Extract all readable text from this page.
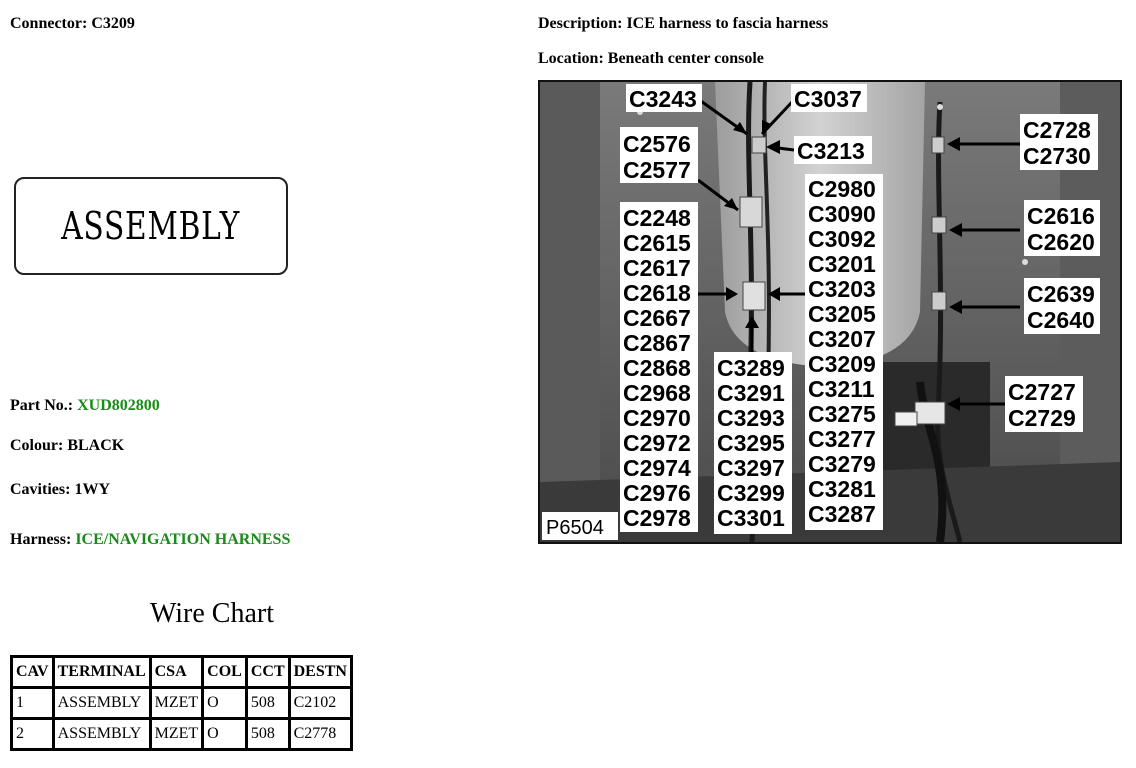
Connector: C3209
ASSEMBLY
Part No.: XUD802800
Colour: BLACK
Cavities: 1WY
Harness: ICE/NAVIGATION HARNESS
Wire Chart
CAV	TERMINAL	CSA	COL	CCT	DESTN
1	ASSEMBLY	MZET	O	508	C2102
2	ASSEMBLY	MZET	O	508	C2778
Description: ICE harness to fascia harness
Location: Beneath center console
C3243	C3037
C3213
C2576
C2577
C2248
C2615
C2617
C2618
C2667
C2867
C2868
C2968
C2970
C2972
C2974
C2976
C2978
C3289
C3291
C3293
C3295
C3297
C3299
C3301
C2980
C3090
C3092
C3201
C3203
C3205
C3207
C3209
C3211
C3275
C3277
C3279
C3281
C3287
C2728
C2730
C2616
C2620
C2639
C2640
C2727
C2729
P6504
